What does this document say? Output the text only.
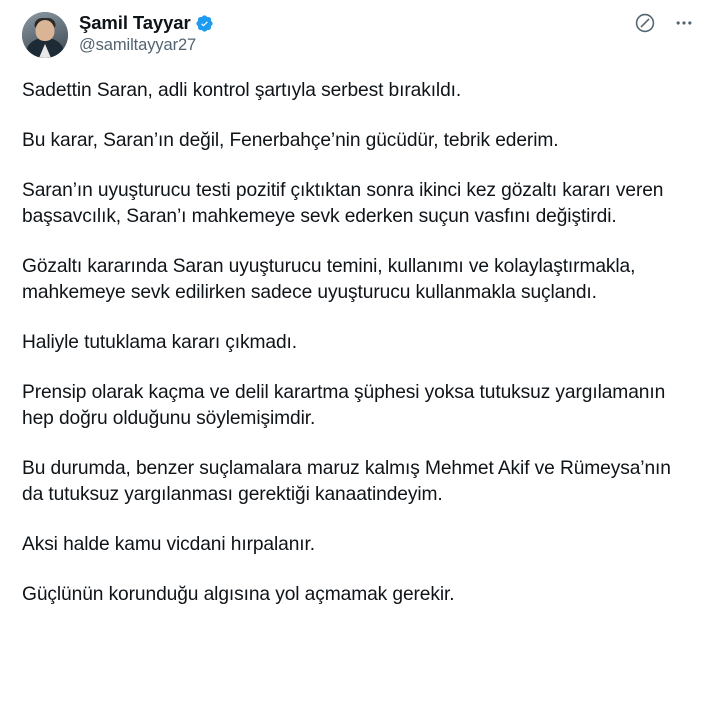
Şamil Tayyar
@samiltayyar27

Sadettin Saran, adli kontrol şartıyla serbest bırakıldı.

Bu karar, Saran’ın değil, Fenerbahçe’nin gücüdür, tebrik ederim.

Saran’ın uyuşturucu testi pozitif çıktıktan sonra ikinci kez gözaltı kararı veren başsavcılık, Saran’ı mahkemeye sevk ederken suçun vasfını değiştirdi.

Gözaltı kararında Saran uyuşturucu temini, kullanımı ve kolaylaştırmakla, mahkemeye sevk edilirken sadece uyuşturucu kullanmakla suçlandı.

Haliyle tutuklama kararı çıkmadı.

Prensip olarak kaçma ve delil karartma şüphesi yoksa tutuksuz yargılamanın hep doğru olduğunu söylemişimdir.

Bu durumda, benzer suçlamalara maruz kalmış Mehmet Akif ve Rümeysa’nın da tutuksuz yargılanması gerektiği kanaatindeyim.

Aksi halde kamu vicdani hırpalanır.

Güçlünün korunduğu algısına yol açmamak gerekir.
